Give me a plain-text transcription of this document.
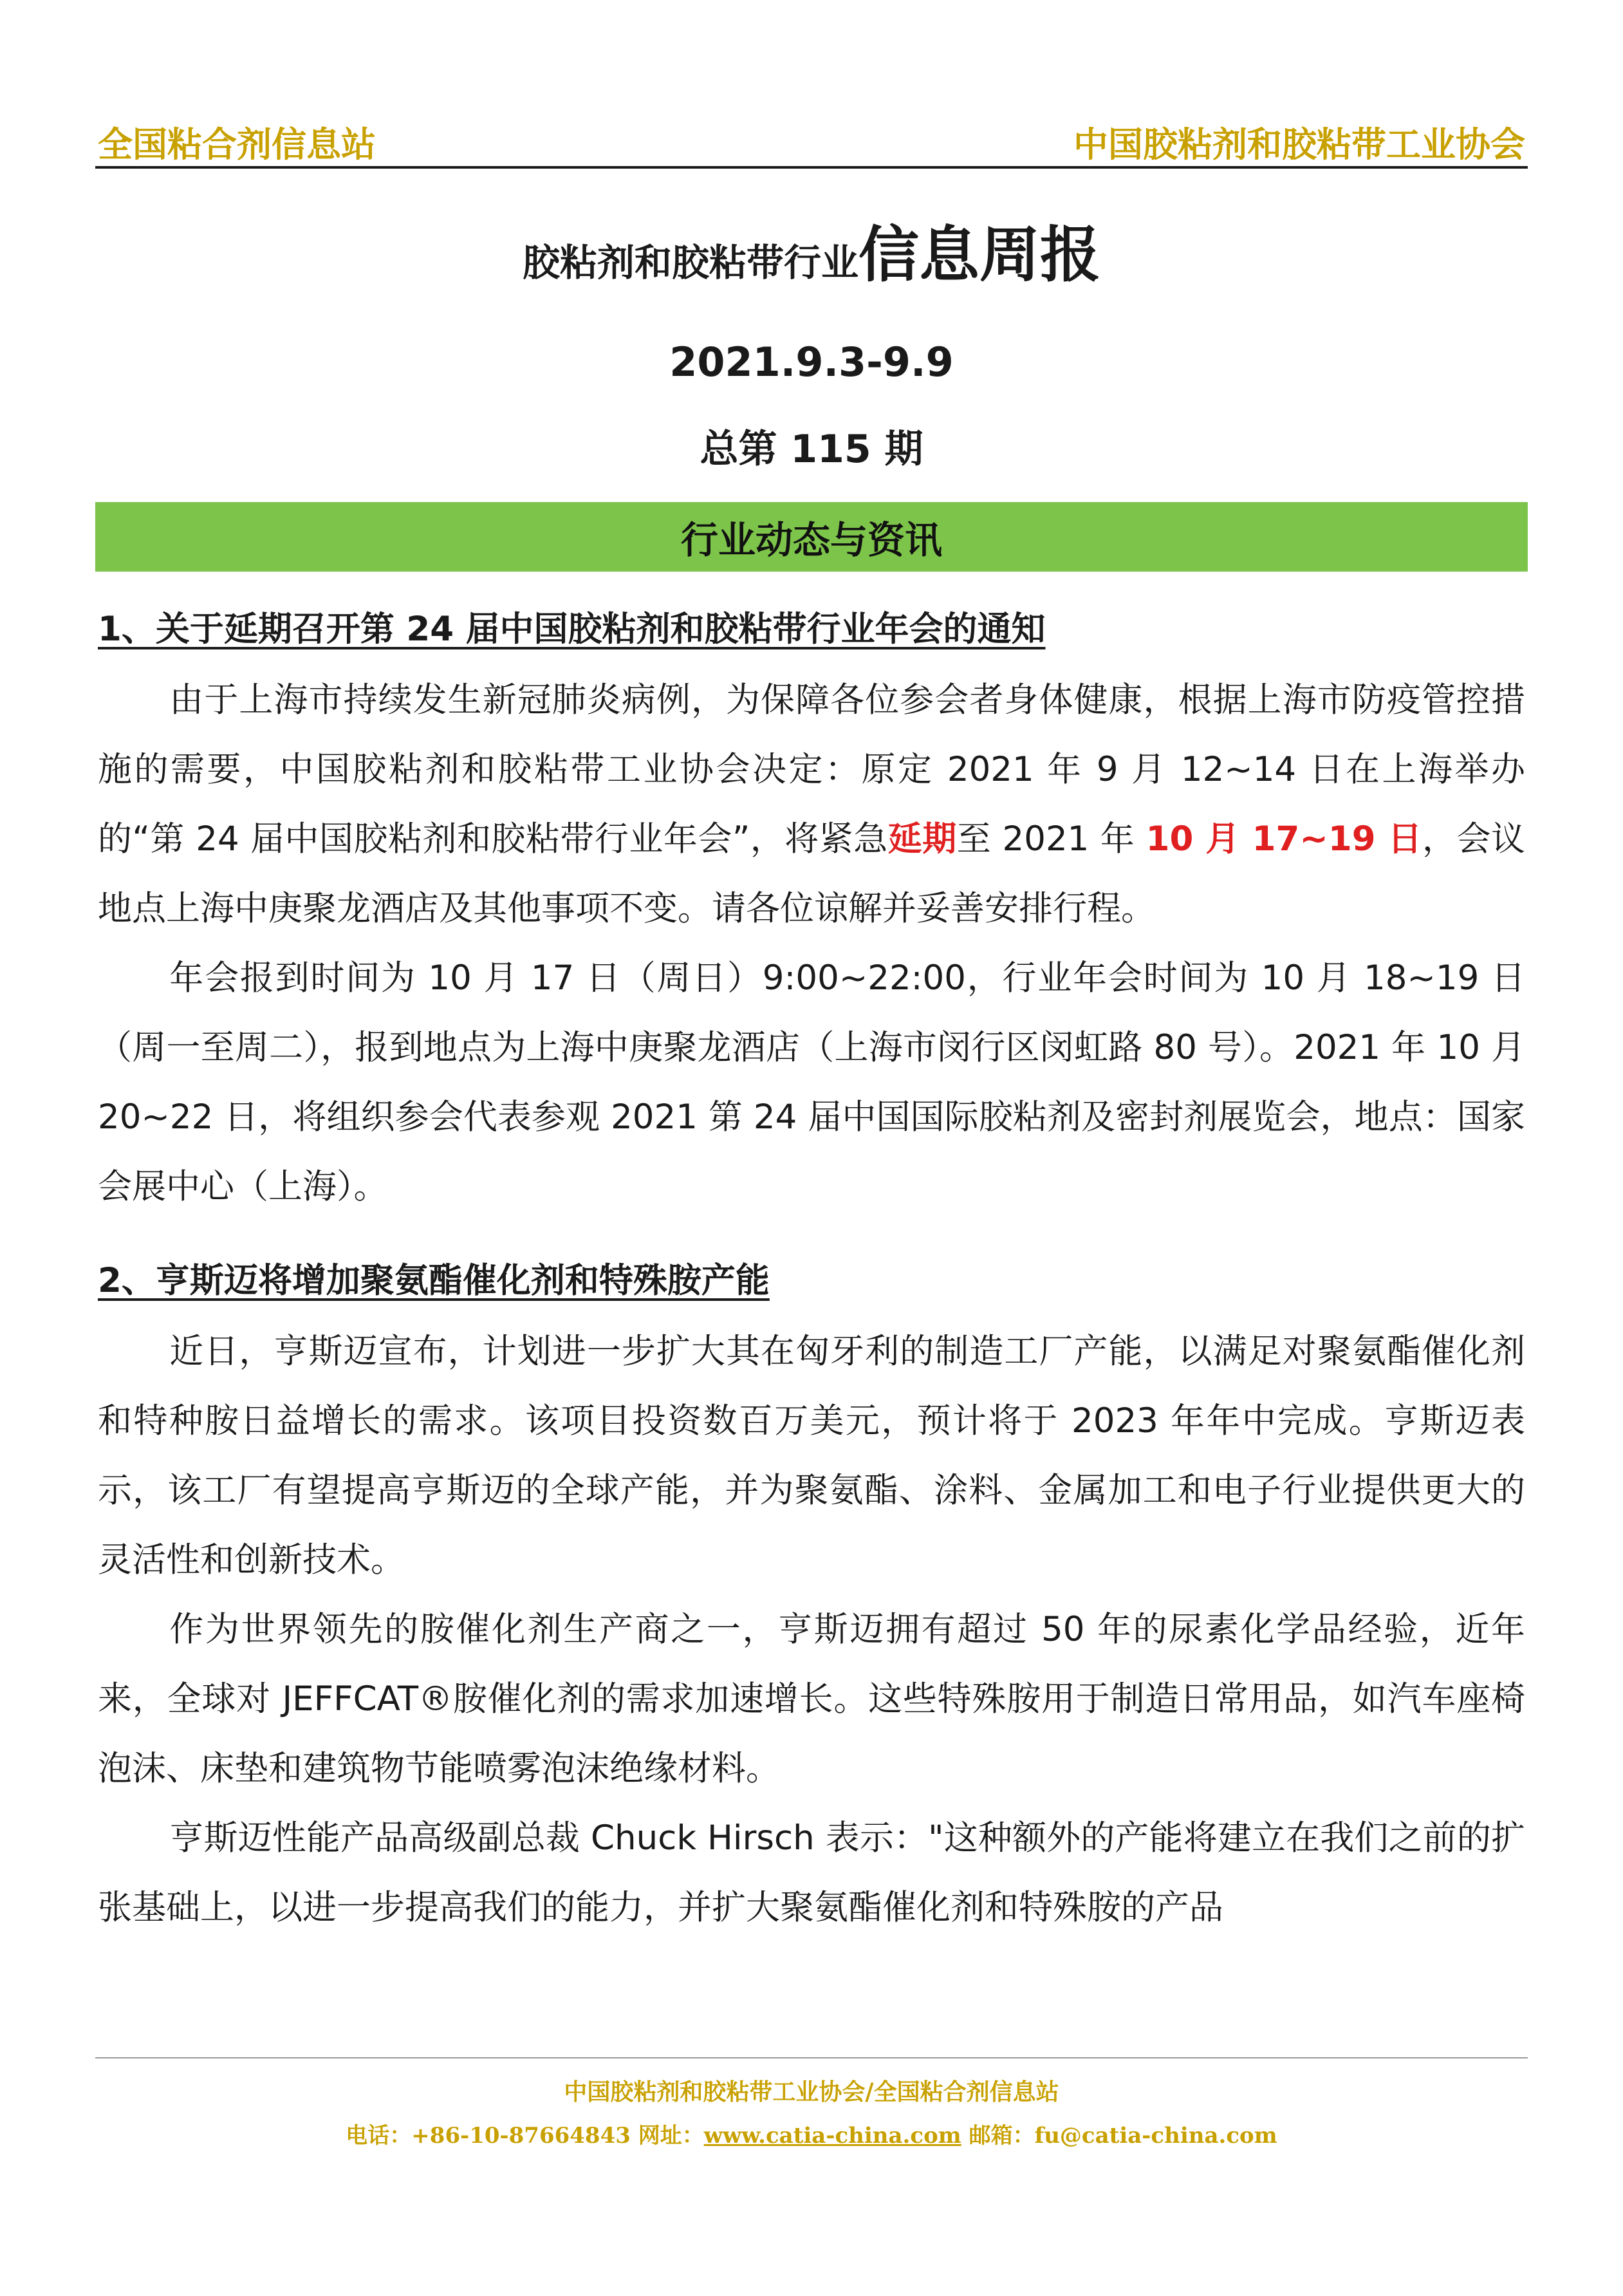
全国粘合剂信息站	中国胶粘剂和胶粘带工业协会
胶粘剂和胶粘带行业信息周报
2021.9.3-9.9
总第 115 期
行业动态与资讯
1、关于延期召开第 24 届中国胶粘剂和胶粘带行业年会的通知

由于上海市持续发生新冠肺炎病例，为保障各位参会者身体健康，根据上海市防疫管控措施的需要，中国胶粘剂和胶粘带工业协会决定：原定 2021 年 9 月 12~14 日在上海举办的“第 24 届中国胶粘剂和胶粘带行业年会”，将紧急延期至 2021 年 10 月 17~19 日，会议地点上海中庚聚龙酒店及其他事项不变。请各位谅解并妥善安排行程。

年会报到时间为 10 月 17 日（周日）9:00~22:00，行业年会时间为 10 月 18~19 日（周一至周二），报到地点为上海中庚聚龙酒店（上海市闵行区闵虹路 80 号）。2021 年 10 月 20~22 日，将组织参会代表参观 2021 第 24 届中国国际胶粘剂及密封剂展览会，地点：国家会展中心（上海）。

2、亨斯迈将增加聚氨酯催化剂和特殊胺产能

近日，亨斯迈宣布，计划进一步扩大其在匈牙利的制造工厂产能，以满足对聚氨酯催化剂和特种胺日益增长的需求。该项目投资数百万美元，预计将于 2023 年年中完成。亨斯迈表示，该工厂有望提高亨斯迈的全球产能，并为聚氨酯、涂料、金属加工和电子行业提供更大的灵活性和创新技术。

作为世界领先的胺催化剂生产商之一，亨斯迈拥有超过 50 年的尿素化学品经验，近年来，全球对 JEFFCAT®胺催化剂的需求加速增长。这些特殊胺用于制造日常用品，如汽车座椅泡沫、床垫和建筑物节能喷雾泡沫绝缘材料。

亨斯迈性能产品高级副总裁 Chuck Hirsch 表示："这种额外的产能将建立在我们之前的扩张基础上，以进一步提高我们的能力，并扩大聚氨酯催化剂和特殊胺的产品

中国胶粘剂和胶粘带工业协会/全国粘合剂信息站
电话：+86-10-87664843 网址：www.catia-china.com 邮箱：fu@catia-china.com
